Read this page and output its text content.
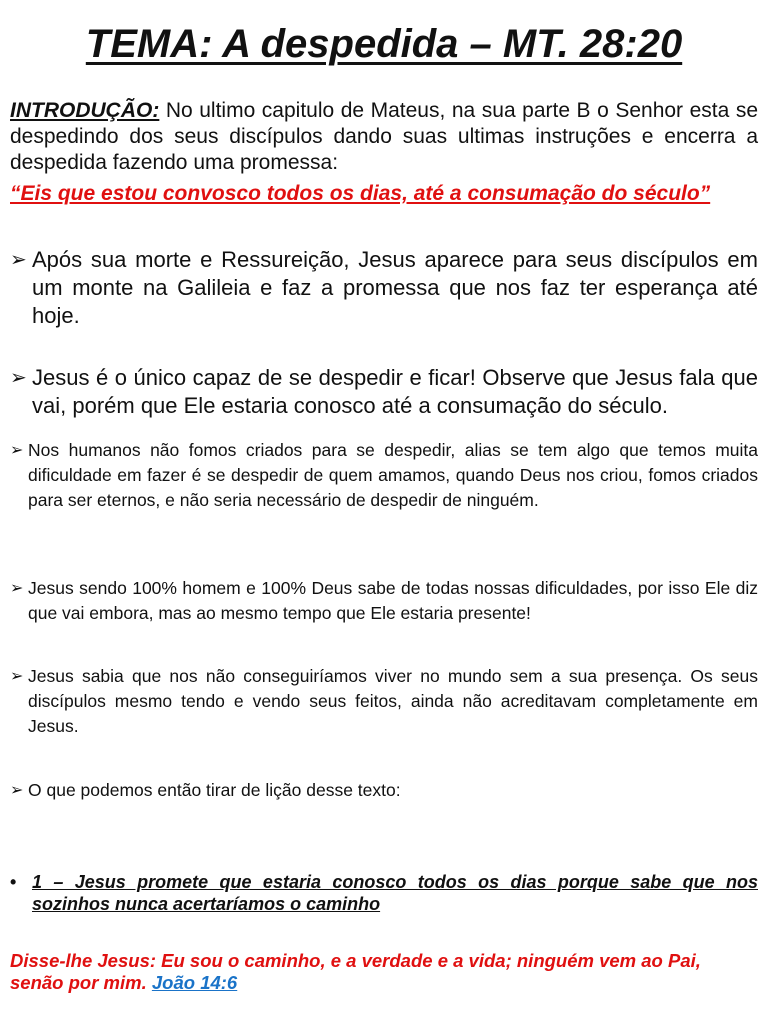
TEMA: A despedida – MT. 28:20
INTRODUÇÃO: No ultimo capitulo de Mateus, na sua parte B o Senhor esta se despedindo dos seus discípulos dando suas ultimas instruções e encerra a despedida fazendo uma promessa:
“Eis que estou convosco todos os dias, até a consumação do século”
➢ Após sua morte e Ressureição, Jesus aparece para seus discípulos em um monte na Galileia e faz a promessa que nos faz ter esperança até hoje.
➢ Jesus é o único capaz de se despedir e ficar! Observe que Jesus fala que vai, porém que Ele estaria conosco até a consumação do século.
➢ Nos humanos não fomos criados para se despedir, alias se tem algo que temos muita dificuldade em fazer é se despedir de quem amamos, quando Deus nos criou, fomos criados para ser eternos, e não seria necessário de despedir de ninguém.
➢ Jesus sendo 100% homem e 100% Deus sabe de todas nossas dificuldades, por isso Ele diz que vai embora, mas ao mesmo tempo que Ele estaria presente!
➢ Jesus sabia que nos não conseguiríamos viver no mundo sem a sua presença. Os seus discípulos mesmo tendo e vendo seus feitos, ainda não acreditavam completamente em Jesus.
➢ O que podemos então tirar de lição desse texto:
• 1 – Jesus promete que estaria conosco todos os dias porque sabe que nos sozinhos nunca acertaríamos o caminho
Disse-lhe Jesus: Eu sou o caminho, e a verdade e a vida; ninguém vem ao Pai, senão por mim. João 14:6
